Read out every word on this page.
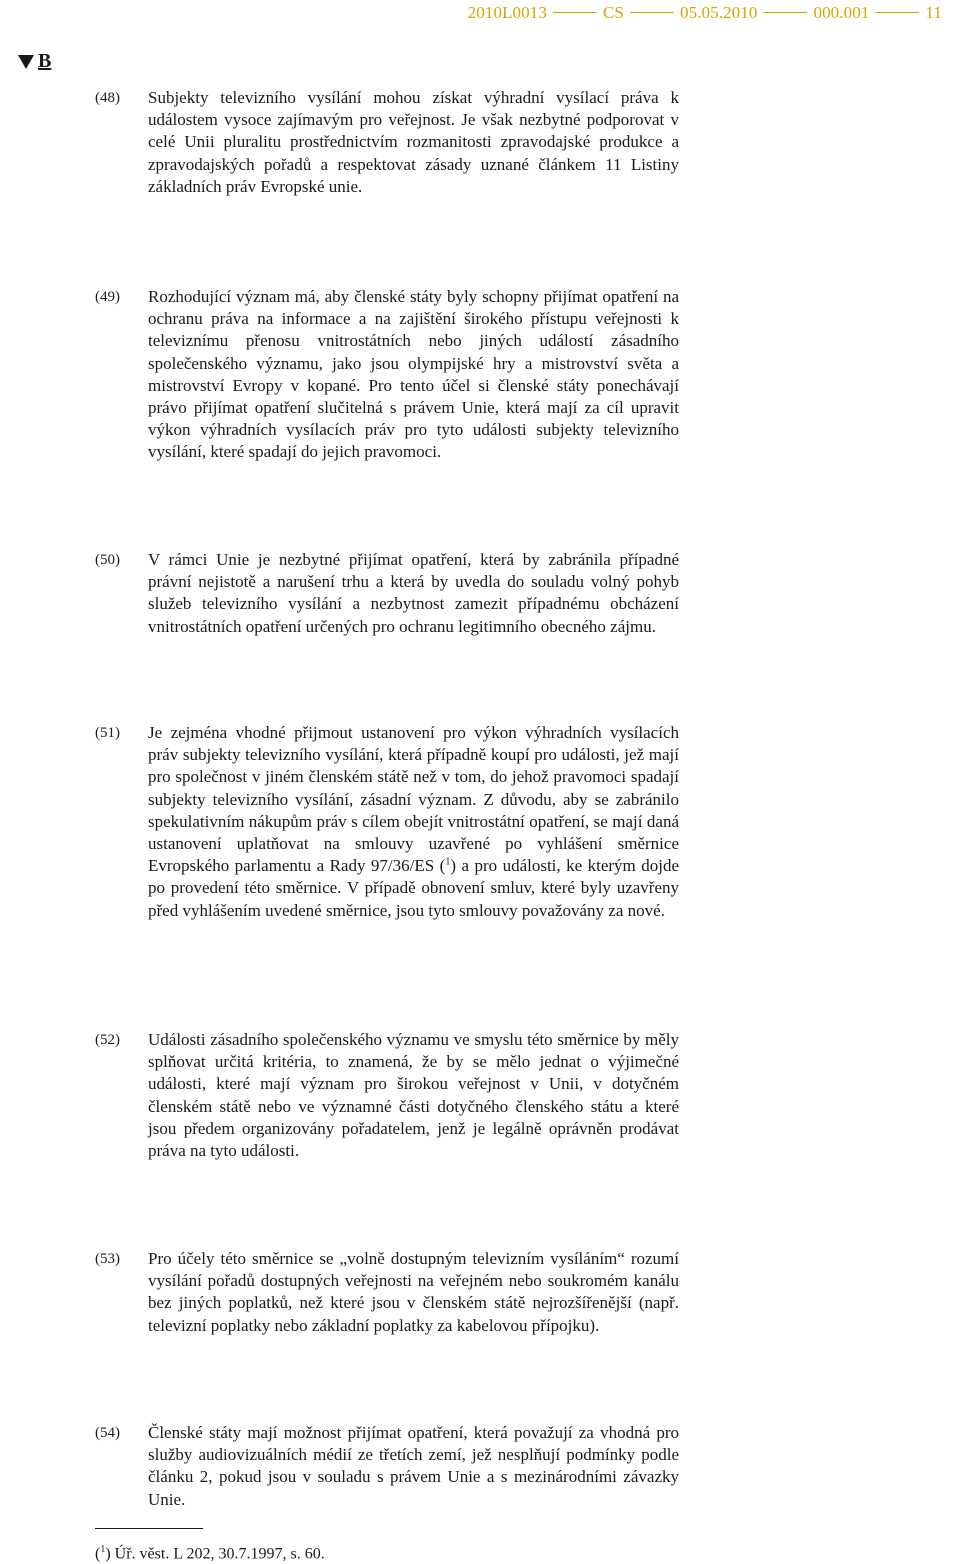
2010L0013	CS	05.05.2010	000.001	11
B
(48) Subjekty televizního vysílání mohou získat výhradní vysílací práva k událostem vysoce zajímavým pro veřejnost. Je však nezbytné podporovat v celé Unii pluralitu prostřednictvím rozmanitosti zpravodajské produkce a zpravodajských pořadů a respektovat zásady uznané článkem 11 Listiny základních práv Evropské unie.
(49) Rozhodující význam má, aby členské státy byly schopny přijímat opatření na ochranu práva na informace a na zajištění širokého přístupu veřejnosti k televiznímu přenosu vnitrostátních nebo jiných událostí zásadního společenského významu, jako jsou olympijské hry a mistrovství světa a mistrovství Evropy v kopané. Pro tento účel si členské státy ponechávají právo přijímat opatření slučitelná s právem Unie, která mají za cíl upravit výkon výhradních vysílacích práv pro tyto události subjekty televizního vysílání, které spadají do jejich pravomoci.
(50) V rámci Unie je nezbytné přijímat opatření, která by zabránila případné právní nejistotě a narušení trhu a která by uvedla do souladu volný pohyb služeb televizního vysílání a nezbytnost zamezit případnému obcházení vnitrostátních opatření určených pro ochranu legitimního obecného zájmu.
(51) Je zejména vhodné přijmout ustanovení pro výkon výhradních vysílacích práv subjekty televizního vysílání, která případně koupí pro události, jež mají pro společnost v jiném členském státě než v tom, do jehož pravomoci spadají subjekty televizního vysílání, zásadní význam. Z důvodu, aby se zabránilo spekulativním nákupům práv s cílem obejít vnitrostátní opatření, se mají daná ustanovení uplatňovat na smlouvy uzavřené po vyhlášení směrnice Evropského parlamentu a Rady 97/36/ES ($^1$) a pro události, ke kterým dojde po provedení této směrnice. V případě obnovení smluv, které byly uzavřeny před vyhlášením uvedené směrnice, jsou tyto smlouvy považovány za nové.
(52) Události zásadního společenského významu ve smyslu této směrnice by měly splňovat určitá kritéria, to znamená, že by se mělo jednat o výjimečné události, které mají význam pro širokou veřejnost v Unii, v dotyčném členském státě nebo ve významné části dotyčného členského státu a které jsou předem organizovány pořadatelem, jenž je legálně oprávněn prodávat práva na tyto události.
(53) Pro účely této směrnice se „volně dostupným televizním vysíláním“ rozumí vysílání pořadů dostupných veřejnosti na veřejném nebo soukromém kanálu bez jiných poplatků, než které jsou v členském státě nejrozšířenější (např. televizní poplatky nebo základní poplatky za kabelovou přípojku).
(54) Členské státy mají možnost přijímat opatření, která považují za vhodná pro služby audiovizuálních médií ze třetích zemí, jež nesplňují podmínky podle článku 2, pokud jsou v souladu s právem Unie a s mezinárodními závazky Unie.
($^1$) Úř. věst. L 202, 30.7.1997, s. 60.
